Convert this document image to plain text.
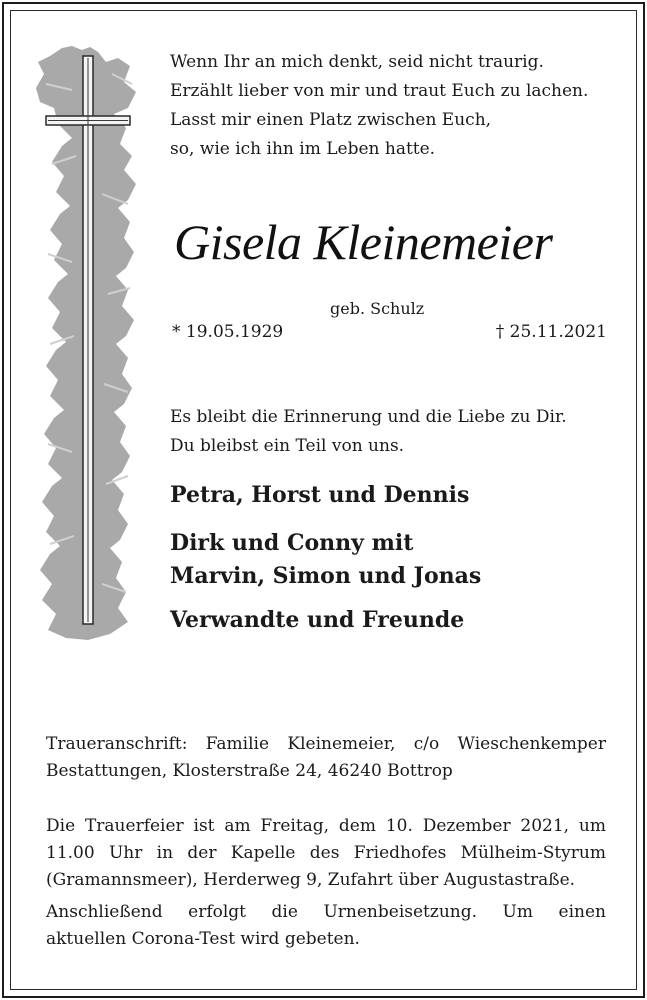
Wenn Ihr an mich denkt, seid nicht traurig.
Erzählt lieber von mir und traut Euch zu lachen.
Lasst mir einen Platz zwischen Euch,
so, wie ich ihn im Leben hatte.
Gisela Kleinemeier
geb. Schulz
* 19.05.1929	† 25.11.2021
Es bleibt die Erinnerung und die Liebe zu Dir.
Du bleibst ein Teil von uns.
Petra, Horst und Dennis
Dirk und Conny mit
Marvin, Simon und Jonas
Verwandte und Freunde
Traueranschrift: Familie Kleinemeier, c/o Wieschenkemper
Bestattungen, Klosterstraße 24, 46240 Bottrop
Die Trauerfeier ist am Freitag, dem 10. Dezember 2021, um
11.00 Uhr in der Kapelle des Friedhofes Mülheim-Styrum
(Gramannsmeer), Herderweg 9, Zufahrt über Augustastraße.
Anschließend erfolgt die Urnenbeisetzung. Um einen
aktuellen Corona-Test wird gebeten.
